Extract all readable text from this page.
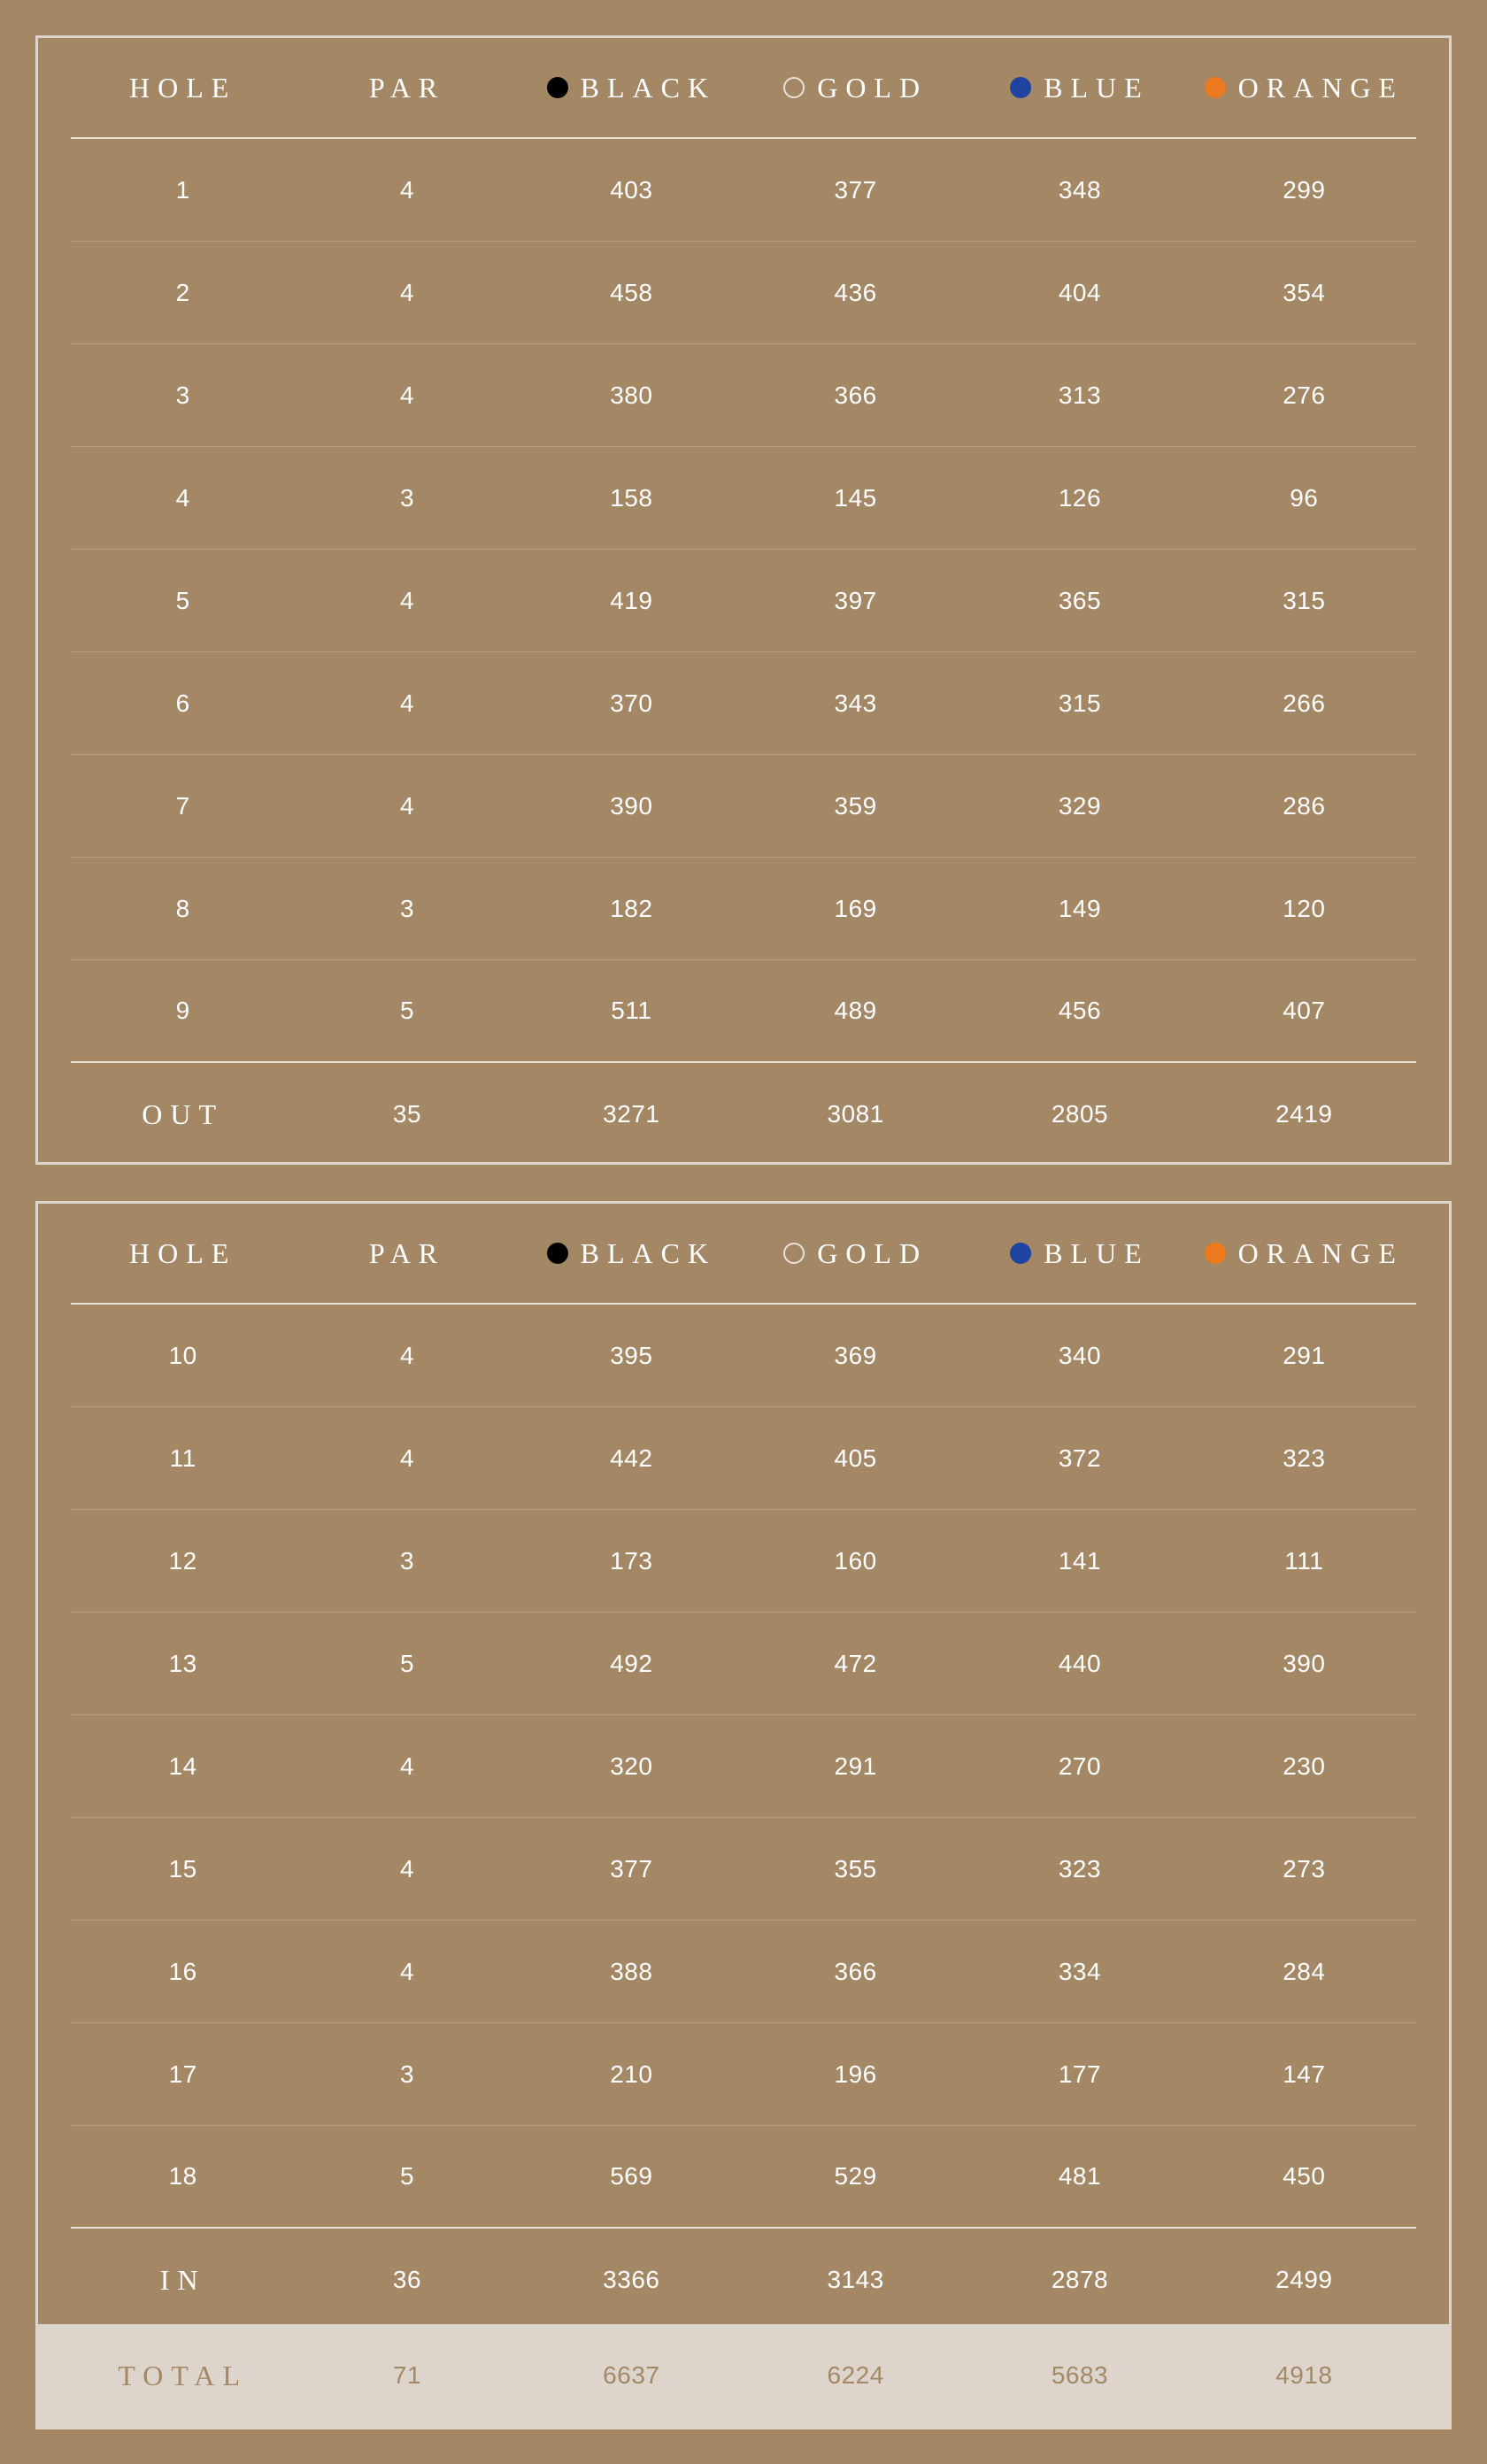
HOLE	PAR	BLACK	GOLD	BLUE	ORANGE
1	4	403	377	348	299
2	4	458	436	404	354
3	4	380	366	313	276
4	3	158	145	126	96
5	4	419	397	365	315
6	4	370	343	315	266
7	4	390	359	329	286
8	3	182	169	149	120
9	5	511	489	456	407
OUT	35	3271	3081	2805	2419
HOLE	PAR	BLACK	GOLD	BLUE	ORANGE
10	4	395	369	340	291
11	4	442	405	372	323
12	3	173	160	141	111
13	5	492	472	440	390
14	4	320	291	270	230
15	4	377	355	323	273
16	4	388	366	334	284
17	3	210	196	177	147
18	5	569	529	481	450
IN	36	3366	3143	2878	2499
TOTAL	71	6637	6224	5683	4918
